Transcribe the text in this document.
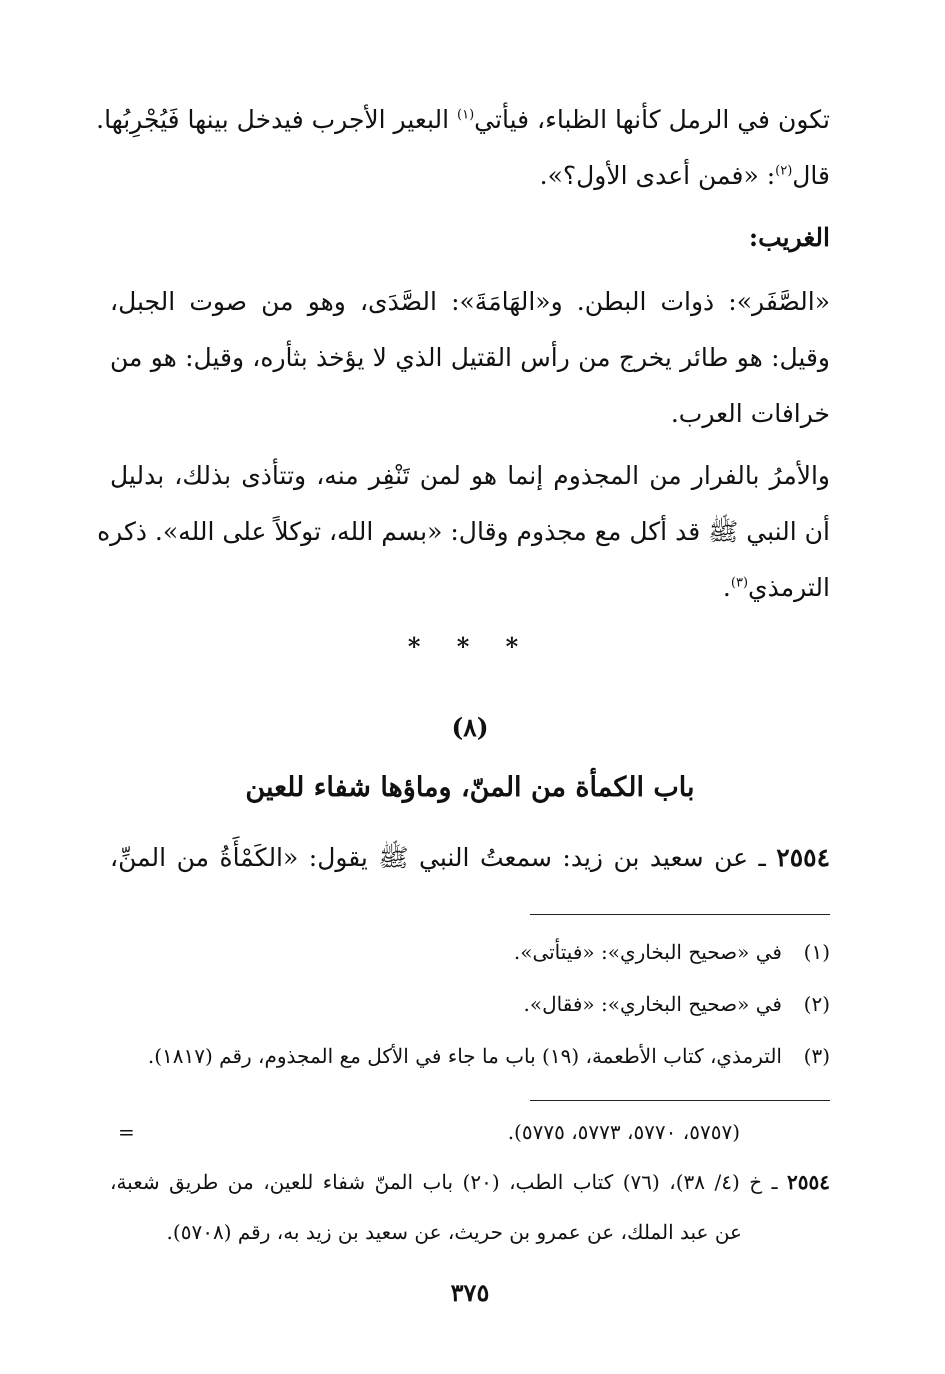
تكون في الرمل كأنها الظباء، فيأتي$^{(١)}$ البعير الأجرب فيدخل بينها فَيُجْرِبُها.
قال$^{(٢)}$: «فمن أعدى الأول؟».
الغريب:
«الصَّفَر»: ذوات البطن. و«الهَامَةَ»: الصَّدَى، وهو من صوت الجبل،
وقيل: هو طائر يخرج من رأس القتيل الذي لا يؤخذ بثأره، وقيل: هو من
خرافات العرب.
والأمرُ بالفرار من المجذوم إنما هو لمن تَنْفِر منه، وتتأذى بذلك، بدليل
أن النبي ﷺ قد أكل مع مجذوم وقال: «بسم الله، توكلاً على الله». ذكره
الترمذي$^{(٣)}$.
* * *
(٨)
باب الكمأة من المنّ، وماؤها شفاء للعين
٢٥٥٤ ـ عن سعيد بن زيد: سمعتُ النبي ﷺ يقول: «الكَمْأَةُ من المنِّ،
(١)في «صحيح البخاري»: «فيتأتى».
(٢)في «صحيح البخاري»: «فقال».
(٣)الترمذي، كتاب الأطعمة، (١٩) باب ما جاء في الأكل مع المجذوم، رقم (١٨١٧).
=	(٥٧٥٧، ٥٧٧٠، ٥٧٧٣، ٥٧٧٥).
٢٥٥٤ ـ خ (٤/ ٣٨)، (٧٦) كتاب الطب، (٢٠) باب المنّ شفاء للعين، من طريق شعبة،
عن عبد الملك، عن عمرو بن حريث، عن سعيد بن زيد به، رقم (٥٧٠٨).
٣٧٥
